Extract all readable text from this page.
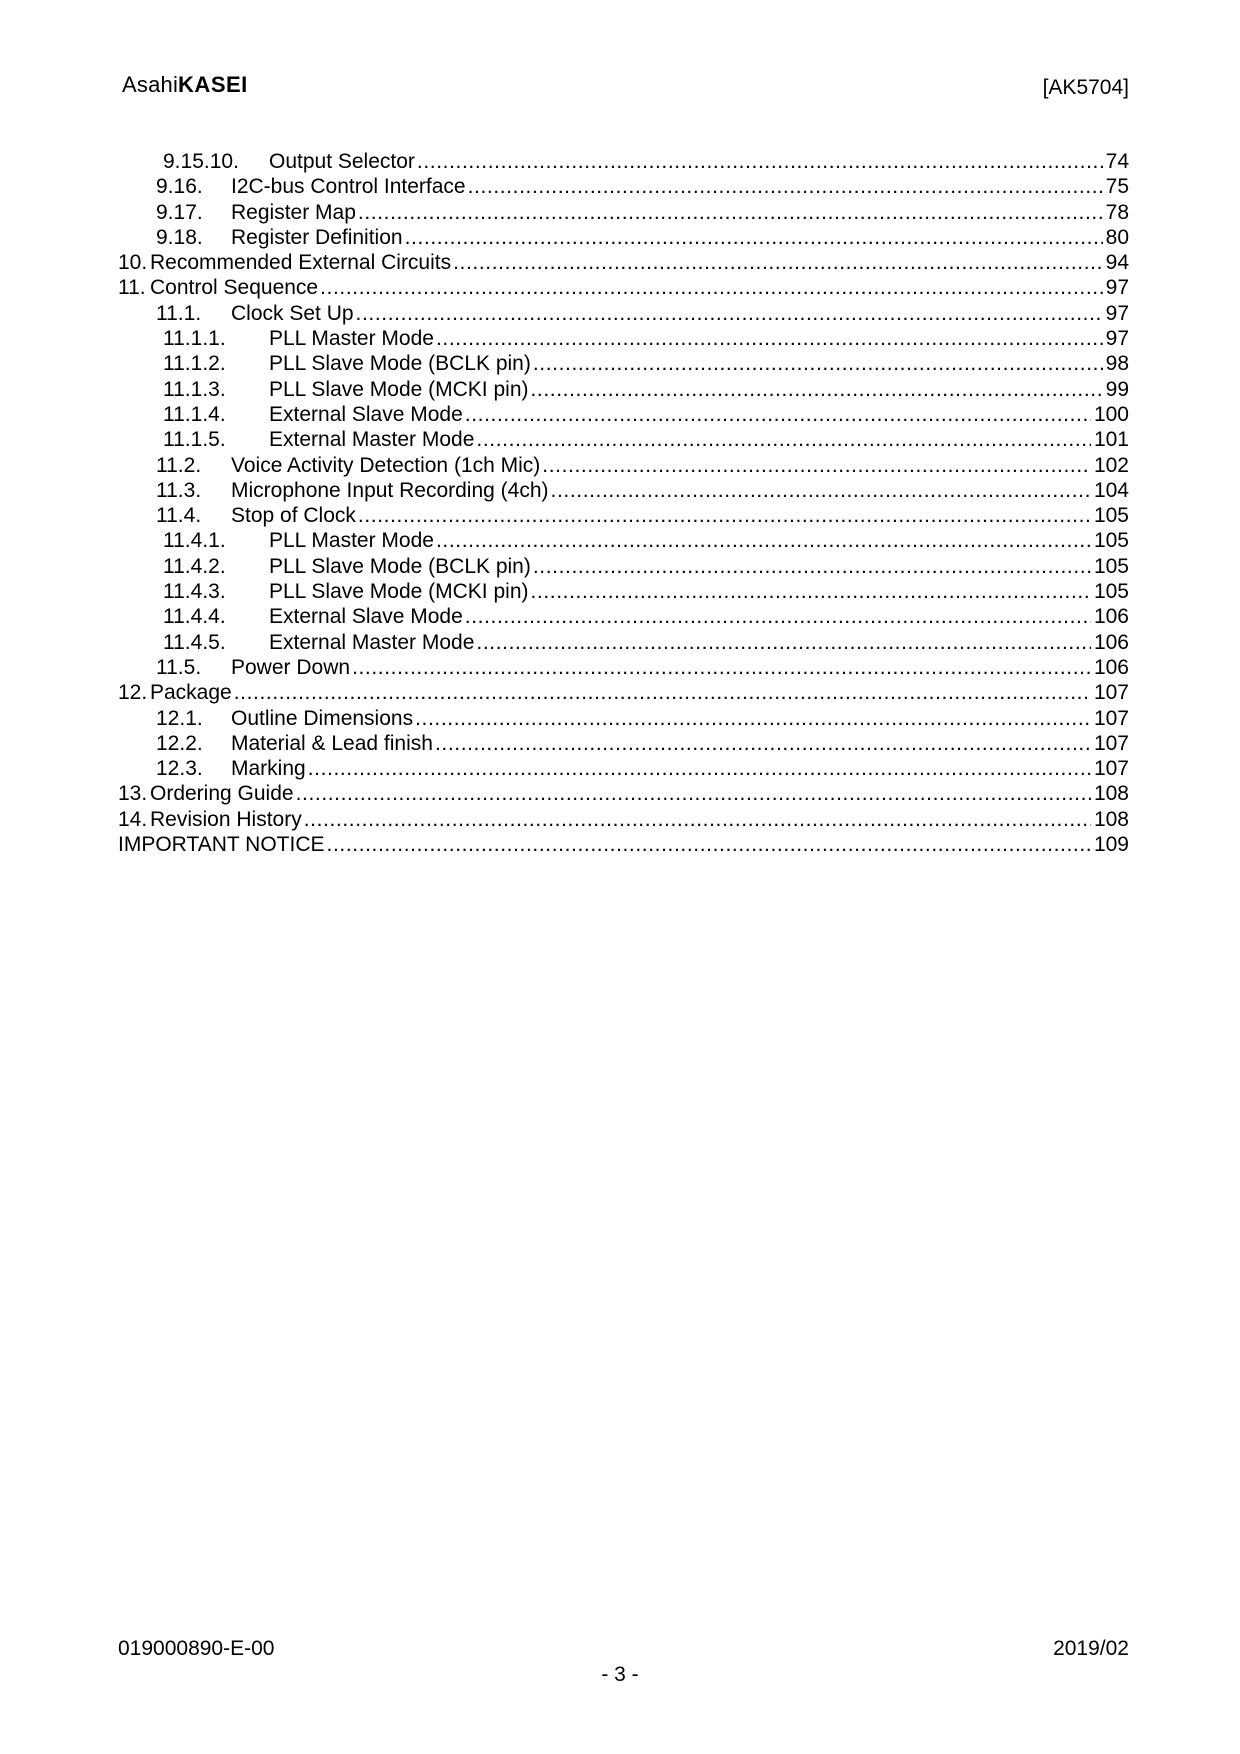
AsahiKASEI	[AK5704]
9.15.10.	Output Selector .....	74
9.16.	I2C-bus Control Interface .....	75
9.17.	Register Map .....	78
9.18.	Register Definition .....	80
10. Recommended External Circuits .....	94
11. Control Sequence .....	97
11.1.	Clock Set Up .....	97
11.1.1.	PLL Master Mode .....	97
11.1.2.	PLL Slave Mode (BCLK pin) .....	98
11.1.3.	PLL Slave Mode (MCKI pin) .....	99
11.1.4.	External Slave Mode .....	100
11.1.5.	External Master Mode .....	101
11.2.	Voice Activity Detection (1ch Mic) .....	102
11.3.	Microphone Input Recording (4ch) .....	104
11.4.	Stop of Clock .....	105
11.4.1.	PLL Master Mode .....	105
11.4.2.	PLL Slave Mode (BCLK pin) .....	105
11.4.3.	PLL Slave Mode (MCKI pin) .....	105
11.4.4.	External Slave Mode .....	106
11.4.5.	External Master Mode .....	106
11.5.	Power Down .....	106
12. Package .....	107
12.1.	Outline Dimensions .....	107
12.2.	Material & Lead finish .....	107
12.3.	Marking .....	107
13. Ordering Guide .....	108
14. Revision History .....	108
IMPORTANT NOTICE .....	109
019000890-E-00	2019/02
- 3 -
